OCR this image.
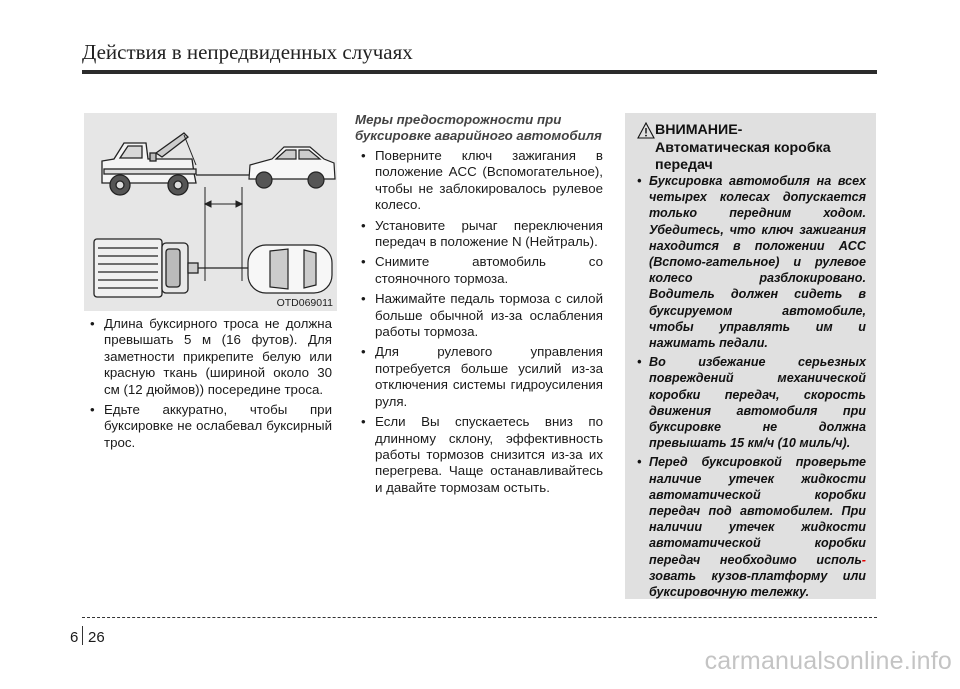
Действия в непредвиденных случаях
OTD069011
• Длина буксирного троса не должна превышать 5 м (16 футов). Для заметности прикрепите белую или красную ткань (шириной около 30 см (12 дюймов)) посередине троса.
• Едьте аккуратно, чтобы при буксировке не ослабевал буксирный трос.
Меры предосторожности при буксировке аварийного автомобиля
• Поверните ключ зажигания в положение ACC (Вспомогательное), чтобы не заблокировалось рулевое колесо.
• Установите рычаг переключения передач в положение N (Нейтраль).
• Снимите автомобиль со стояночного тормоза.
• Нажимайте педаль тормоза с силой больше обычной из-за ослабления работы тормоза.
• Для рулевого управления потребуется больше усилий из-за отключения системы гидроусиления руля.
• Если Вы спускаетесь вниз по длинному склону, эффективность работы тормозов снизится из-за их перегрева. Чаще останавливайтесь и давайте тормозам остыть.
ВНИМАНИЕ-
Автоматическая коробка передач
• Буксировка автомобиля на всех четырех колесах допускается только передним ходом. Убедитесь, что ключ зажигания находится в положении ACC (Вспомо-гательное) и рулевое колесо разблокировано. Водитель должен сидеть в буксируемом автомобиле, чтобы управлять им и нажимать педали.
• Во избежание серьезных повреждений механической коробки передач, скорость движения автомобиля при буксировке не должна превышать 15 км/ч (10 миль/ч).
• Перед буксировкой проверьте наличие утечек жидкости автоматической коробки передач под автомобилем. При наличии утечек жидкости автоматической коробки передач необходимо исполь- зовать кузов-платформу или буксировочную тележку.
6 26
carmanualsonline.info
